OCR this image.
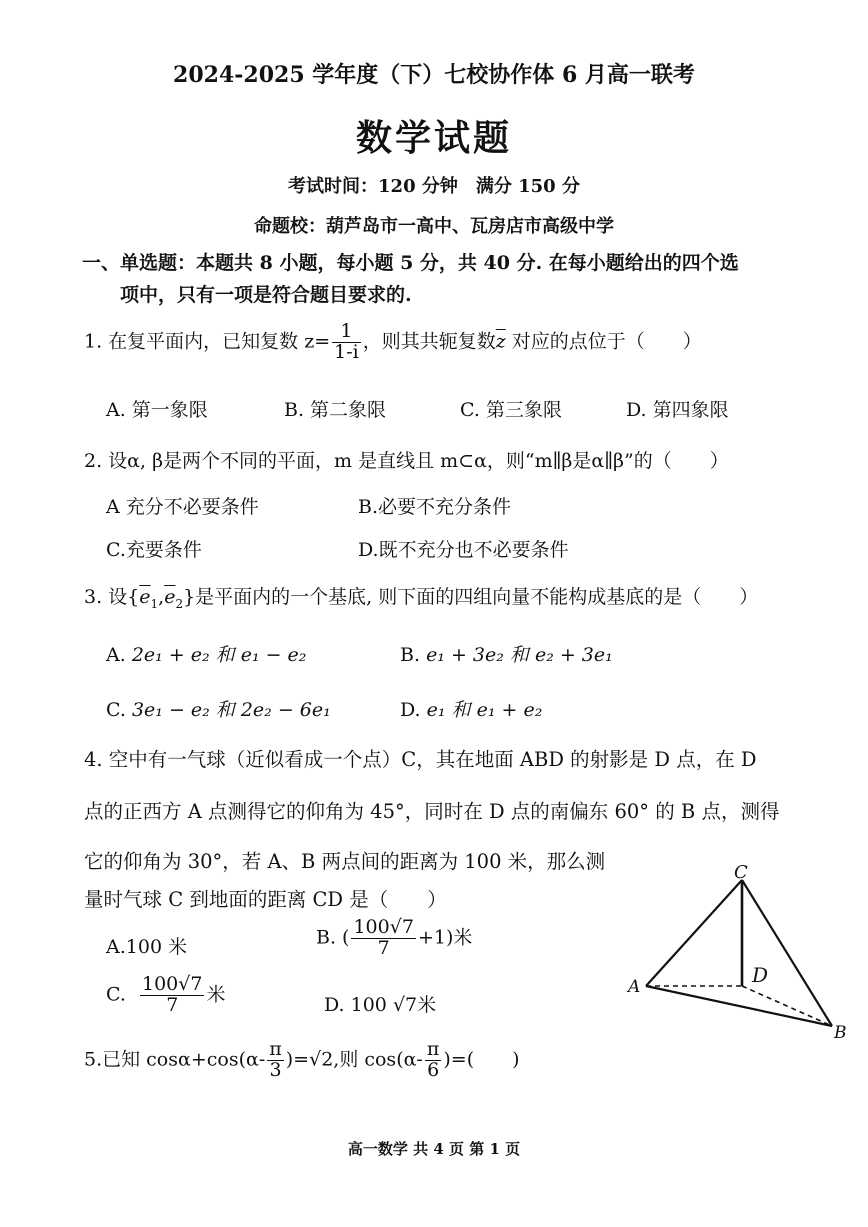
2024-2025 学年度（下）七校协作体 6 月高一联考
数学试题
考试时间：120 分钟　满分 150 分
命题校：葫芦岛市一高中、瓦房店市高级中学
一、单选题：本题共 8 小题，每小题 5 分，共 40 分. 在每小题给出的四个选
项中，只有一项是符合题目要求的.
1. 在复平面内，已知复数 $z= \frac{1}{1-i}$ ，则其共轭复数$\overline{z}$ 对应的点位于（　　）
A. 第一象限	B. 第二象限	C. 第三象限	D. 第四象限
2. 设α, β是两个不同的平面，m 是直线且 m⊂α，则“m∥β是α∥β”的（　　）
A 充分不必要条件	B.必要不充分条件
C.充要条件	D.既不充分也不必要条件
3. 设$\{\overline{e}_1,\overline{e}_2\}$是平面内的一个基底, 则下面的四组向量不能构成基底的是（　　）
A. 2e₁ + e₂ 和 e₁ − e₂	B. e₁ + 3e₂ 和 e₂ + 3e₁
C. 3e₁ − e₂ 和 2e₂ − 6e₁	D. e₁ 和 e₁ + e₂
4. 空中有一气球（近似看成一个点）C，其在地面 ABD 的射影是 D 点，在 D
点的正西方 A 点测得它的仰角为 45°，同时在 D 点的南偏东 60° 的 B 点，测得
它的仰角为 30°，若 A、B 两点间的距离为 100 米，那么测
量时气球 C 到地面的距离 CD 是（　　）
A.100 米	B. ( $\frac{100√7}{7} +1$)米
C. $\frac{100√7}{7}$ 米	D. 100 √7米
C
D
A
B
5.已知 $\cos\alpha+\cos(\alpha- \frac{\pi}{3} )=√2$,则 $\cos(\alpha- \frac{\pi}{6}$ )=(　　)
高一数学 共 4 页 第 1 页
